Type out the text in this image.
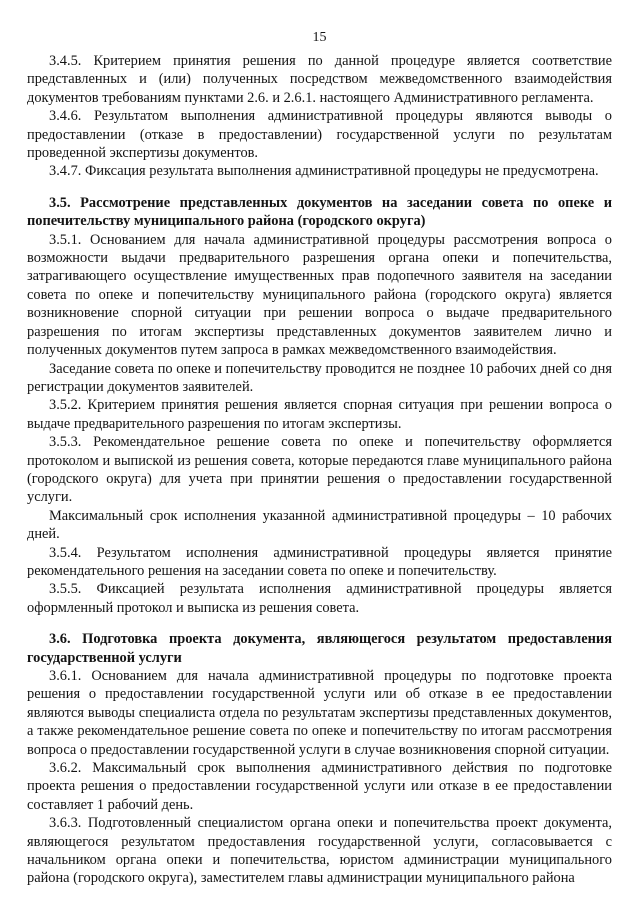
15

3.4.5. Критерием принятия решения по данной процедуре является соответствие представленных и (или) полученных посредством межведомственного взаимодействия документов требованиям пунктами 2.6. и 2.6.1. настоящего Административного регламента.

3.4.6. Результатом выполнения административной процедуры являются выводы о предоставлении (отказе в предоставлении) государственной услуги по результатам проведенной экспертизы документов.

3.4.7. Фиксация результата выполнения административной процедуры не предусмотрена.

3.5. Рассмотрение представленных документов на заседании совета по опеке и попечительству муниципального района (городского округа)

3.5.1. Основанием для начала административной процедуры рассмотрения вопроса о возможности выдачи предварительного разрешения органа опеки и попечительства, затрагивающего осуществление имущественных прав подопечного заявителя на заседании совета по опеке и попечительству муниципального района (городского округа) является возникновение спорной ситуации при решении вопроса о выдаче предварительного разрешения по итогам экспертизы представленных документов заявителем лично и полученных документов путем запроса в рамках межведомственного взаимодействия.

Заседание совета по опеке и попечительству проводится не позднее 10 рабочих дней со дня регистрации документов заявителей.

3.5.2. Критерием принятия решения является спорная ситуация при решении вопроса о выдаче предварительного разрешения по итогам экспертизы.

3.5.3. Рекомендательное решение совета по опеке и попечительству оформляется протоколом и выпиской из решения совета, которые передаются главе муниципального района (городского округа) для учета при принятии решения о предоставлении государственной услуги.

Максимальный срок исполнения указанной административной процедуры – 10 рабочих дней.

3.5.4. Результатом исполнения административной процедуры является принятие рекомендательного решения на заседании совета по опеке и попечительству.

3.5.5. Фиксацией результата исполнения административной процедуры является оформленный протокол и выписка из решения совета.

3.6. Подготовка проекта документа, являющегося результатом предоставления государственной услуги

3.6.1. Основанием для начала административной процедуры по подготовке проекта решения о предоставлении государственной услуги или об отказе в ее предоставлении являются выводы специалиста отдела по результатам экспертизы представленных документов, а также рекомендательное решение совета по опеке и попечительству по итогам рассмотрения вопроса о предоставлении государственной услуги в случае возникновения спорной ситуации.

3.6.2. Максимальный срок выполнения административного действия по подготовке проекта решения о предоставлении государственной услуги или отказе в ее предоставлении составляет 1 рабочий день.

3.6.3. Подготовленный специалистом органа опеки и попечительства проект документа, являющегося результатом предоставления государственной услуги, согласовывается с начальником органа опеки и попечительства, юристом администрации муниципального района (городского округа), заместителем главы администрации муниципального района
